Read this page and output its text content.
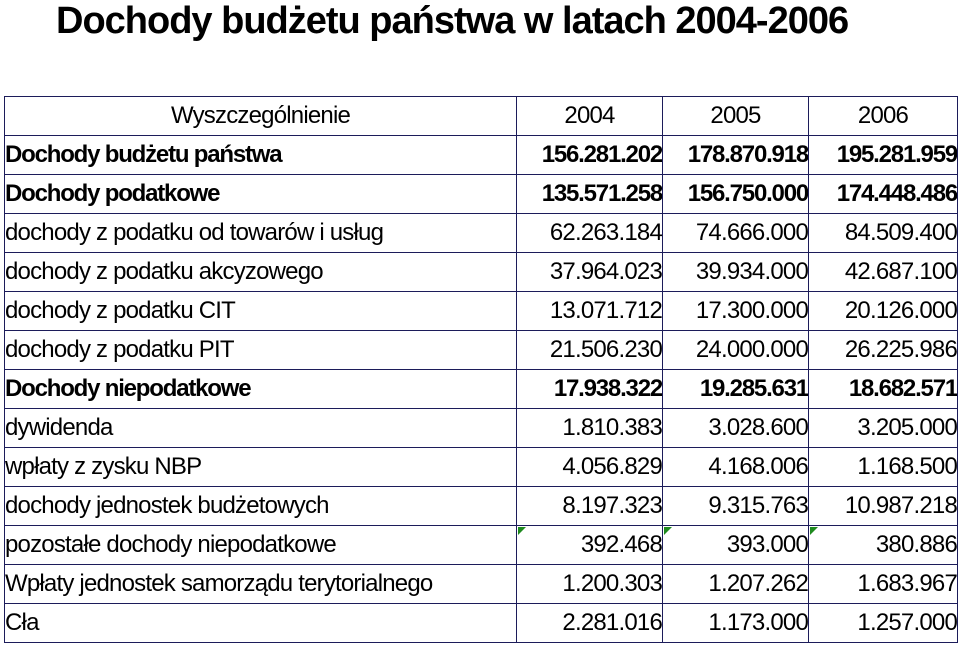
Dochody budżetu państwa w latach 2004-2006
Wyszczególnienie	2004	2005	2006
Dochody budżetu państwa	156.281.202	178.870.918	195.281.959
Dochody podatkowe	135.571.258	156.750.000	174.448.486
dochody z podatku od towarów i usług	62.263.184	74.666.000	84.509.400
dochody z podatku akcyzowego	37.964.023	39.934.000	42.687.100
dochody z podatku CIT	13.071.712	17.300.000	20.126.000
dochody z podatku PIT	21.506.230	24.000.000	26.225.986
Dochody niepodatkowe	17.938.322	19.285.631	18.682.571
dywidenda	1.810.383	3.028.600	3.205.000
wpłaty z zysku NBP	4.056.829	4.168.006	1.168.500
dochody jednostek budżetowych	8.197.323	9.315.763	10.987.218
pozostałe dochody niepodatkowe	392.468	393.000	380.886
Wpłaty jednostek samorządu terytorialnego	1.200.303	1.207.262	1.683.967
Cła	2.281.016	1.173.000	1.257.000
